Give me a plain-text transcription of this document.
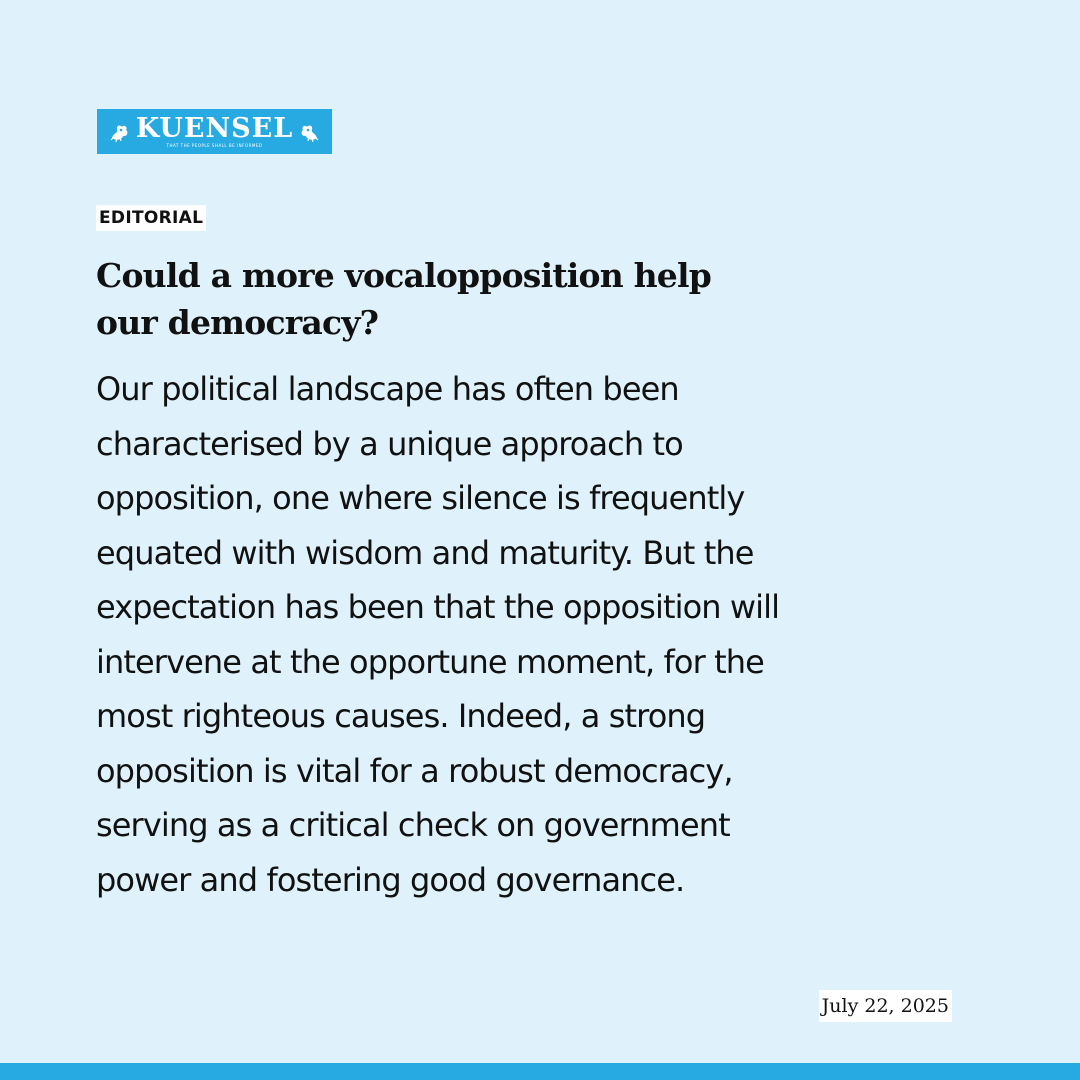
KUENSEL
THAT THE PEOPLE SHALL BE INFORMED
EDITORIAL
Could a more vocalopposition help
our democracy?

Our political landscape has often been
characterised by a unique approach to
opposition, one where silence is frequently
equated with wisdom and maturity. But the
expectation has been that the opposition will
intervene at the opportune moment, for the
most righteous causes. Indeed, a strong
opposition is vital for a robust democracy,
serving as a critical check on government
power and fostering good governance.

July 22, 2025
